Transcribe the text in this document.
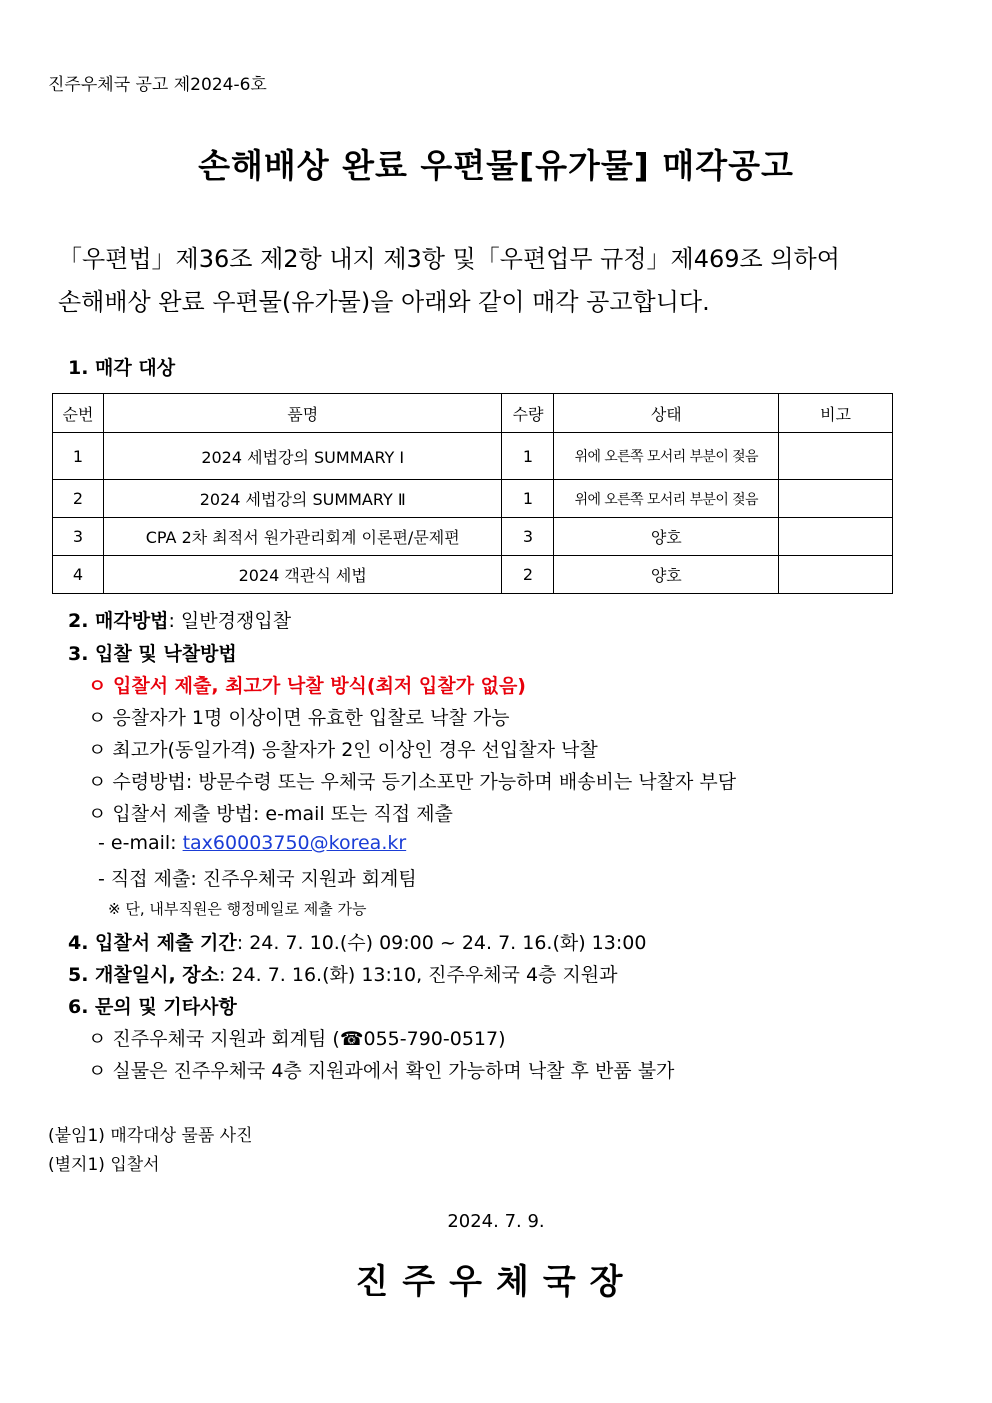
진주우체국 공고 제2024-6호
손해배상 완료 우편물[유가물] 매각공고
「우편법」제36조 제2항 내지 제3항 및「우편업무 규정」제469조 의하여
손해배상 완료 우편물(유가물)을 아래와 같이 매각 공고합니다.
1. 매각 대상
순번	품명	수량	상태	비고
1	2024 세법강의 SUMMARY Ⅰ	1	위에 오른쪽 모서리 부분이 젖음	
2	2024 세법강의 SUMMARY Ⅱ	1	위에 오른쪽 모서리 부분이 젖음	
3	CPA 2차 최적서 원가관리회계 이론편/문제편	3	양호	
4	2024 객관식 세법	2	양호	
2. 매각방법: 일반경쟁입찰
3. 입찰 및 낙찰방법
ㅇ 입찰서 제출, 최고가 낙찰 방식(최저 입찰가 없음)
ㅇ 응찰자가 1명 이상이면 유효한 입찰로 낙찰 가능
ㅇ 최고가(동일가격) 응찰자가 2인 이상인 경우 선입찰자 낙찰
ㅇ 수령방법: 방문수령 또는 우체국 등기소포만 가능하며 배송비는 낙찰자 부담
ㅇ 입찰서 제출 방법: e-mail 또는 직접 제출
- e-mail: tax60003750@korea.kr
- 직접 제출: 진주우체국 지원과 회계팀
※ 단, 내부직원은 행정메일로 제출 가능
4. 입찰서 제출 기간: 24. 7. 10.(수) 09:00 ~ 24. 7. 16.(화) 13:00
5. 개찰일시, 장소: 24. 7. 16.(화) 13:10, 진주우체국 4층 지원과
6. 문의 및 기타사항
ㅇ 진주우체국 지원과 회계팀 (☎055-790-0517)
ㅇ 실물은 진주우체국 4층 지원과에서 확인 가능하며 낙찰 후 반품 불가
(붙임1) 매각대상 물품 사진
(별지1) 입찰서
2024. 7. 9.
진주우체국장
